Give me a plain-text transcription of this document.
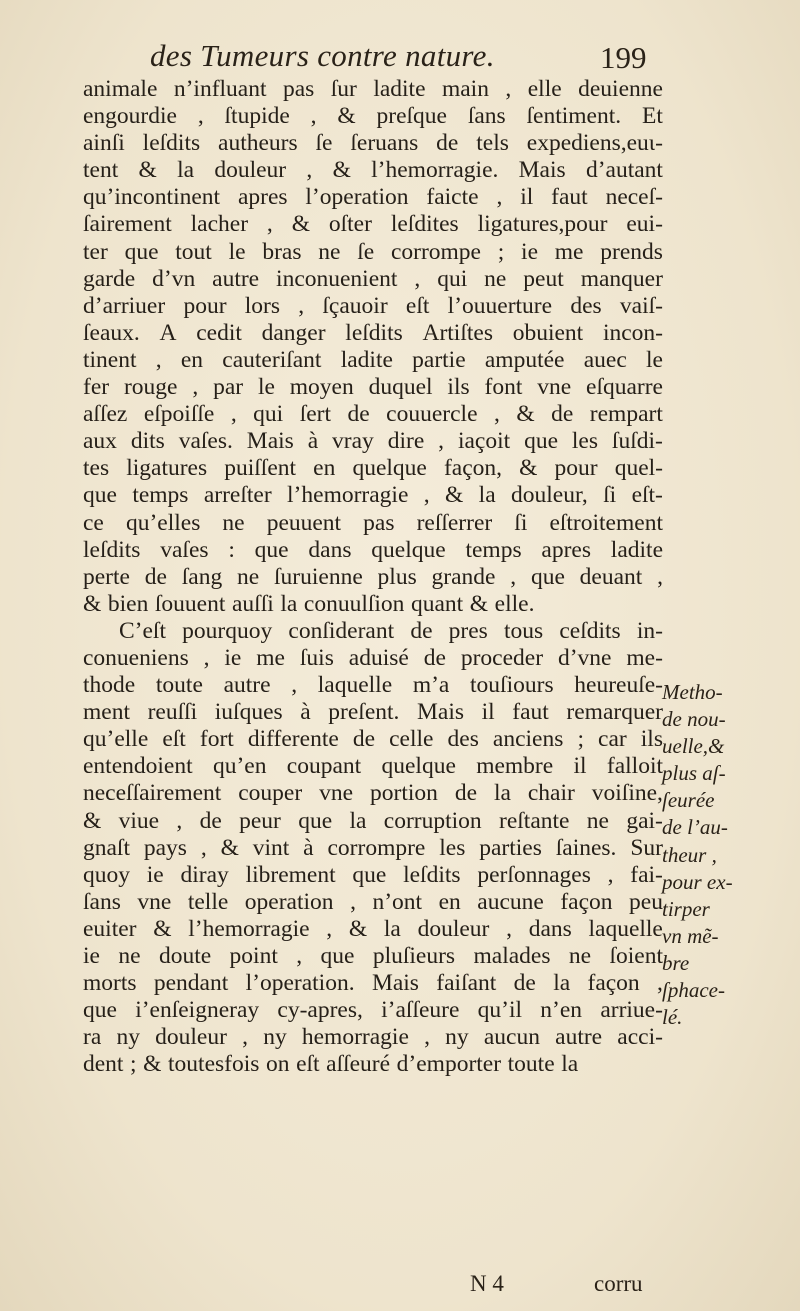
des Tumeurs contre nature.	199
animale n’influant pas ſur ladite main , elle deuienne
engourdie , ſtupide , & preſque ſans ſentiment. Et
ainſi leſdits autheurs ſe ſeruans de tels expediens,euι-
tent & la douleur , & l’hemorragie. Mais d’autant
qu’incontinent apres l’operation faicte , il faut neceſ-
ſairement lacher , & oſter leſdites ligatures,pour eui-
ter que tout le bras ne ſe corrompe ; ie me prends
garde d’vn autre inconuenient , qui ne peut manquer
d’arriuer pour lors , ſçauoir eſt l’ouuerture des vaiſ-
ſeaux. A cedit danger leſdits Artiſtes obuient incon-
tinent , en cauteriſant ladite partie amputée auec le
fer rouge , par le moyen duquel ils font vne eſquarre
aſſez eſpoiſſe , qui ſert de couuercle , & de rempart
aux dits vaſes. Mais à vray dire , iaçoit que les ſuſdi-
tes ligatures puiſſent en quelque façon, & pour quel-
que temps arreſter l’hemorragie , & la douleur, ſi eſt-
ce qu’elles ne peuuent pas reſſerrer ſi eſtroitement
leſdits vaſes : que dans quelque temps apres ladite
perte de ſang ne ſuruienne plus grande , que deuant ,
& bien ſouuent auſſi la conuulſion quant & elle.
C’eſt pourquoy conſiderant de pres tous ceſdits in-
conueniens , ie me ſuis aduisé de proceder d’vne me-
thode toute autre , laquelle m’a touſiours heureuſe-
ment reuſſi iuſques à preſent. Mais il faut remarquer
qu’elle eſt fort differente de celle des anciens ; car ils
entendoient qu’en coupant quelque membre il falloit
neceſſairement couper vne portion de la chair voiſine,
& viue , de peur que la corruption reſtante ne gai-
gnaſt pays , & vint à corrompre les parties ſaines. Sur
quoy ie diray librement que leſdits perſonnages , fai-
ſans vne telle operation , n’ont en aucune façon peu
euiter & l’hemorragie , & la douleur , dans laquelle
ie ne doute point , que pluſieurs malades ne ſoient
morts pendant l’operation. Mais faiſant de la façon ,
que i’enſeigneray cy-apres, i’aſſeure qu’il n’en arriue-
ra ny douleur , ny hemorragie , ny aucun autre acci-
dent ; & toutesfois on eſt aſſeuré d’emporter toute la
Metho-
de nou-
uelle,&
plus aſ-
ſeurée
de l’au-
theur ,
pour ex-
tirper
vn mẽ-
bre
ſphace-
lé.
N 4	corru
